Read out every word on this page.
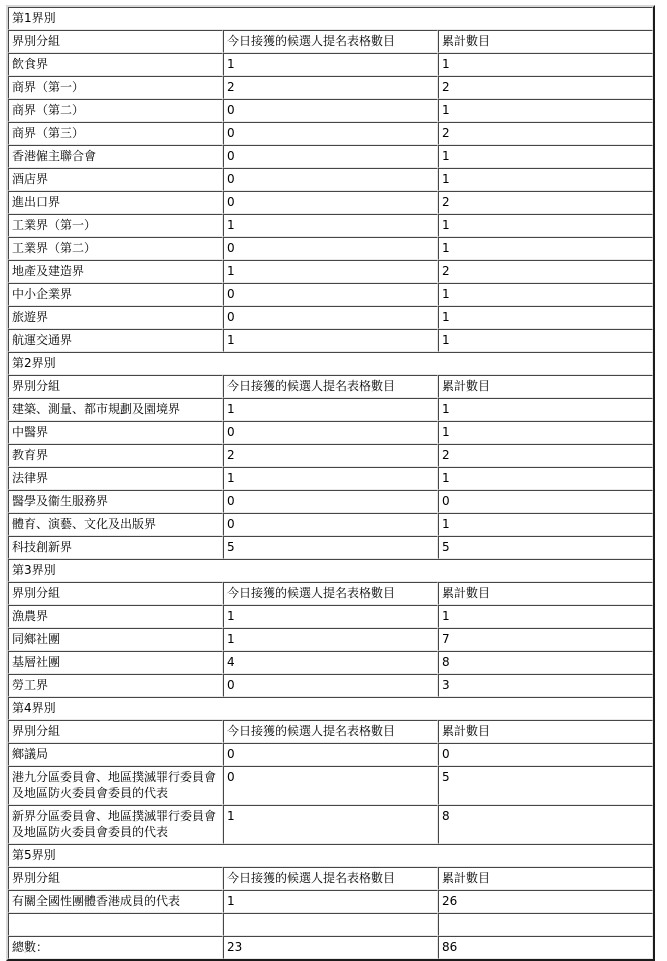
第1界別		
界別分組	今日接獲的候選人提名表格數目	累計數目
飲食界	1	1
商界（第一）	2	2
商界（第二）	0	1
商界（第三）	0	2
香港僱主聯合會	0	1
酒店界	0	1
進出口界	0	2
工業界（第一）	1	1
工業界（第二）	0	1
地產及建造界	1	2
中小企業界	0	1
旅遊界	0	1
航運交通界	1	1
第2界別		
界別分組	今日接獲的候選人提名表格數目	累計數目
建築、測量、都市規劃及園境界	1	1
中醫界	0	1
教育界	2	2
法律界	1	1
醫學及衞生服務界	0	0
體育、演藝、文化及出版界	0	1
科技創新界	5	5
第3界別		
界別分組	今日接獲的候選人提名表格數目	累計數目
漁農界	1	1
同鄉社團	1	7
基層社團	4	8
勞工界	0	3
第4界別		
界別分組	今日接獲的候選人提名表格數目	累計數目
鄉議局	0	0
港九分區委員會、地區撲滅罪行委員會及地區防火委員會委員的代表	0	5
新界分區委員會、地區撲滅罪行委員會及地區防火委員會委員的代表	1	8
第5界別		
界別分組	今日接獲的候選人提名表格數目	累計數目
有關全國性團體香港成員的代表	1	26

總數：	23	86
